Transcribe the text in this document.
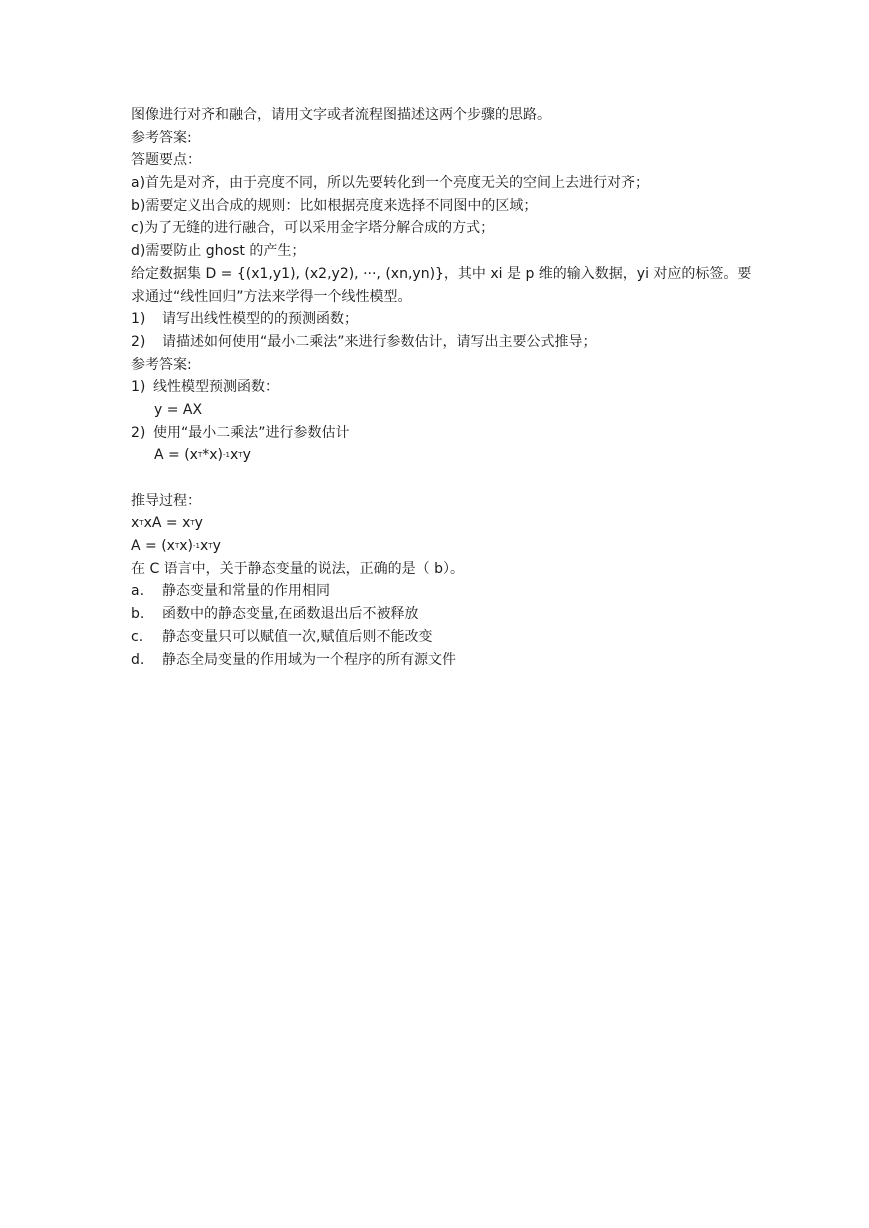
图像进行对齐和融合，请用文字或者流程图描述这两个步骤的思路。
参考答案:
答题要点：
a)首先是对齐，由于亮度不同，所以先要转化到一个亮度无关的空间上去进行对齐；
b)需要定义出合成的规则：比如根据亮度来选择不同图中的区域；
c)为了无缝的进行融合，可以采用金字塔分解合成的方式；
d)需要防止 ghost 的产生；
给定数据集 D = {(x1,y1), (x2,y2), ···, (xn,yn)}，其中 xi 是 p 维的输入数据，yi 对应的标签。要
求通过“线性回归”方法来学得一个线性模型。
1) 请写出线性模型的的预测函数；
2) 请描述如何使用“最小二乘法”来进行参数估计，请写出主要公式推导；
参考答案:
1) 线性模型预测函数：
y = AX
2) 使用“最小二乘法”进行参数估计
$A = (x^T*x)^{-1}x^Ty$
推导过程：
$x^TxA = x^Ty$
$A = (x^Tx)^{-1}x^Ty$
在 C 语言中，关于静态变量的说法，正确的是（ b）。
a. 静态变量和常量的作用相同
b. 函数中的静态变量,在函数退出后不被释放
c. 静态变量只可以赋值一次,赋值后则不能改变
d. 静态全局变量的作用域为一个程序的所有源文件
